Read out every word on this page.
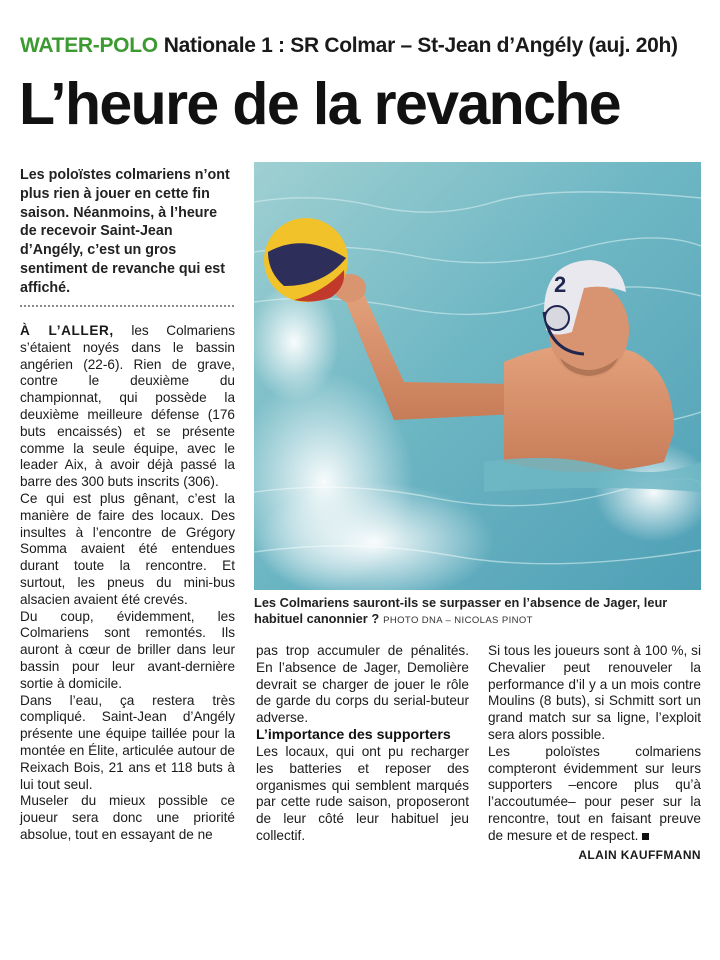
WATER-POLO Nationale 1 : SR Colmar – St-Jean d’Angély (auj. 20h)
L’heure de la revanche

Les poloïstes colmariens n’ont plus rien à jouer en cette fin saison. Néanmoins, à l’heure de recevoir Saint-Jean d’Angély, c’est un gros sentiment de revanche qui est affiché.

À L’ALLER, les Colmariens s’étaient noyés dans le bassin angérien (22-6). Rien de grave, contre le deuxième du championnat, qui possède la deuxième meilleure défense (176 buts encaissés) et se présente comme la seule équipe, avec le leader Aix, à avoir déjà passé la barre des 300 buts inscrits (306).

Ce qui est plus gênant, c’est la manière de faire des locaux. Des insultes à l’encontre de Grégory Somma avaient été entendues durant toute la rencontre. Et surtout, les pneus du mini-bus alsacien avaient été crevés.

Du coup, évidemment, les Colmariens sont remontés. Ils auront à cœur de briller dans leur bassin pour leur avant-dernière sortie à domicile.

Dans l’eau, ça restera très compliqué. Saint-Jean d’Angély présente une équipe taillée pour la montée en Élite, articulée autour de Reixach Bois, 21 ans et 118 buts à lui tout seul.

Museler du mieux possible ce joueur sera donc une priorité absolue, tout en essayant de ne

2

Les Colmariens sauront-ils se surpasser en l’absence de Jager, leur habituel canonnier ? PHOTO DNA – NICOLAS PINOT

pas trop accumuler de pénalités. En l’absence de Jager, Demolière devrait se charger de jouer le rôle de garde du corps du serial-buteur adverse.

L’importance des supporters

Les locaux, qui ont pu recharger les batteries et reposer des organismes qui semblent marqués par cette rude saison, proposeront de leur côté leur habituel jeu collectif.

Si tous les joueurs sont à 100 %, si Chevalier peut renouveler la performance d’il y a un mois contre Moulins (8 buts), si Schmitt sort un grand match sur sa ligne, l’exploit sera alors possible.

Les poloïstes colmariens compteront évidemment sur leurs supporters –encore plus qu’à l’accoutumée– pour peser sur la rencontre, tout en faisant preuve de mesure et de respect.

ALAIN KAUFFMANN
